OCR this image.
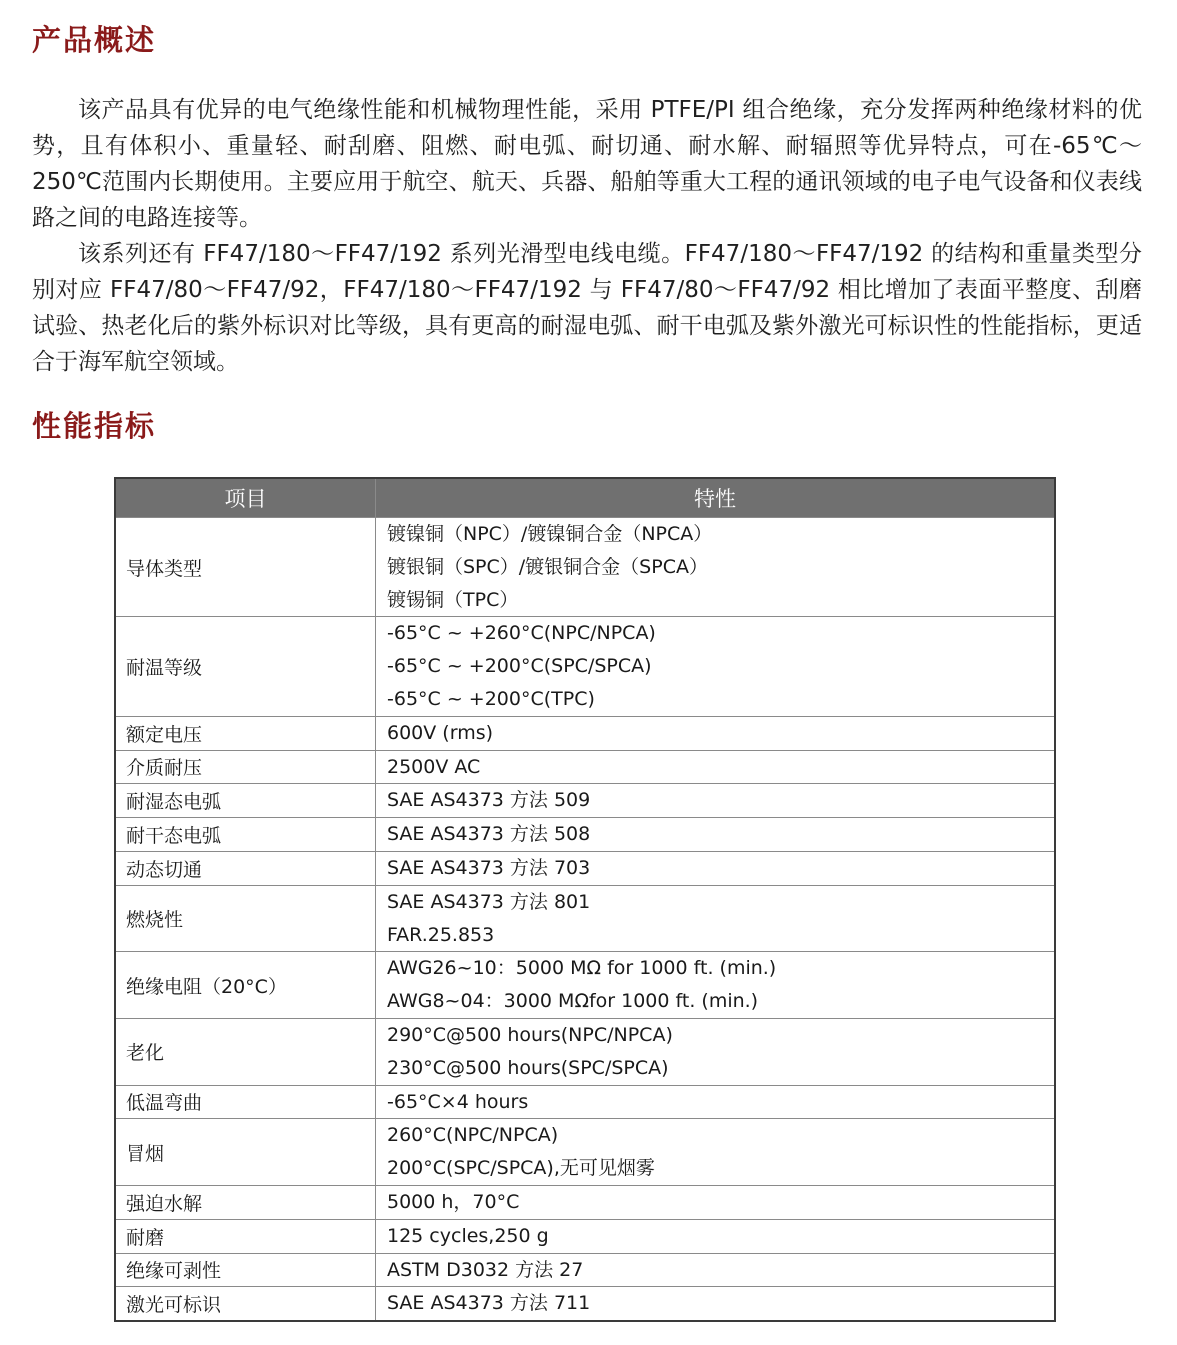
产品概述

该产品具有优异的电气绝缘性能和机械物理性能，采用 PTFE/PI 组合绝缘，充分发挥两种绝缘材料的优势，且有体积小、重量轻、耐刮磨、阻燃、耐电弧、耐切通、耐水解、耐辐照等优异特点，可在-65℃～250℃范围内长期使用。主要应用于航空、航天、兵器、船舶等重大工程的通讯领域的电子电气设备和仪表线路之间的电路连接等。

该系列还有 FF47/180～FF47/192 系列光滑型电线电缆。FF47/180～FF47/192 的结构和重量类型分别对应 FF47/80～FF47/92，FF47/180～FF47/192 与 FF47/80～FF47/92 相比增加了表面平整度、刮磨试验、热老化后的紫外标识对比等级，具有更高的耐湿电弧、耐干电弧及紫外激光可标识性的性能指标，更适合于海军航空领域。

性能指标
项目	特性
导体类型	镀镍铜（NPC）/镀镍铜合金（NPCA）
镀银铜（SPC）/镀银铜合金（SPCA）
镀锡铜（TPC）

耐温等级	-65°C ~ +260°C(NPC/NPCA)
-65°C ~ +200°C(SPC/SPCA)
-65°C ~ +200°C(TPC)

额定电压	600V (rms)

介质耐压	2500V AC

耐湿态电弧	SAE AS4373 方法 509

耐干态电弧	SAE AS4373 方法 508

动态切通	SAE AS4373 方法 703

燃烧性	SAE AS4373 方法 801
FAR.25.853

绝缘电阻（20°C）	AWG26~10：5000 MΩ for 1000 ft. (min.)
AWG8~04：3000 MΩfor 1000 ft. (min.)

老化	290°C@500 hours(NPC/NPCA)
230°C@500 hours(SPC/SPCA)

低温弯曲	-65°C×4 hours

冒烟	260°C(NPC/NPCA)
200°C(SPC/SPCA),无可见烟雾

强迫水解	5000 h，70°C

耐磨	125 cycles,250 g

绝缘可剥性	ASTM D3032 方法 27

激光可标识	SAE AS4373 方法 711
